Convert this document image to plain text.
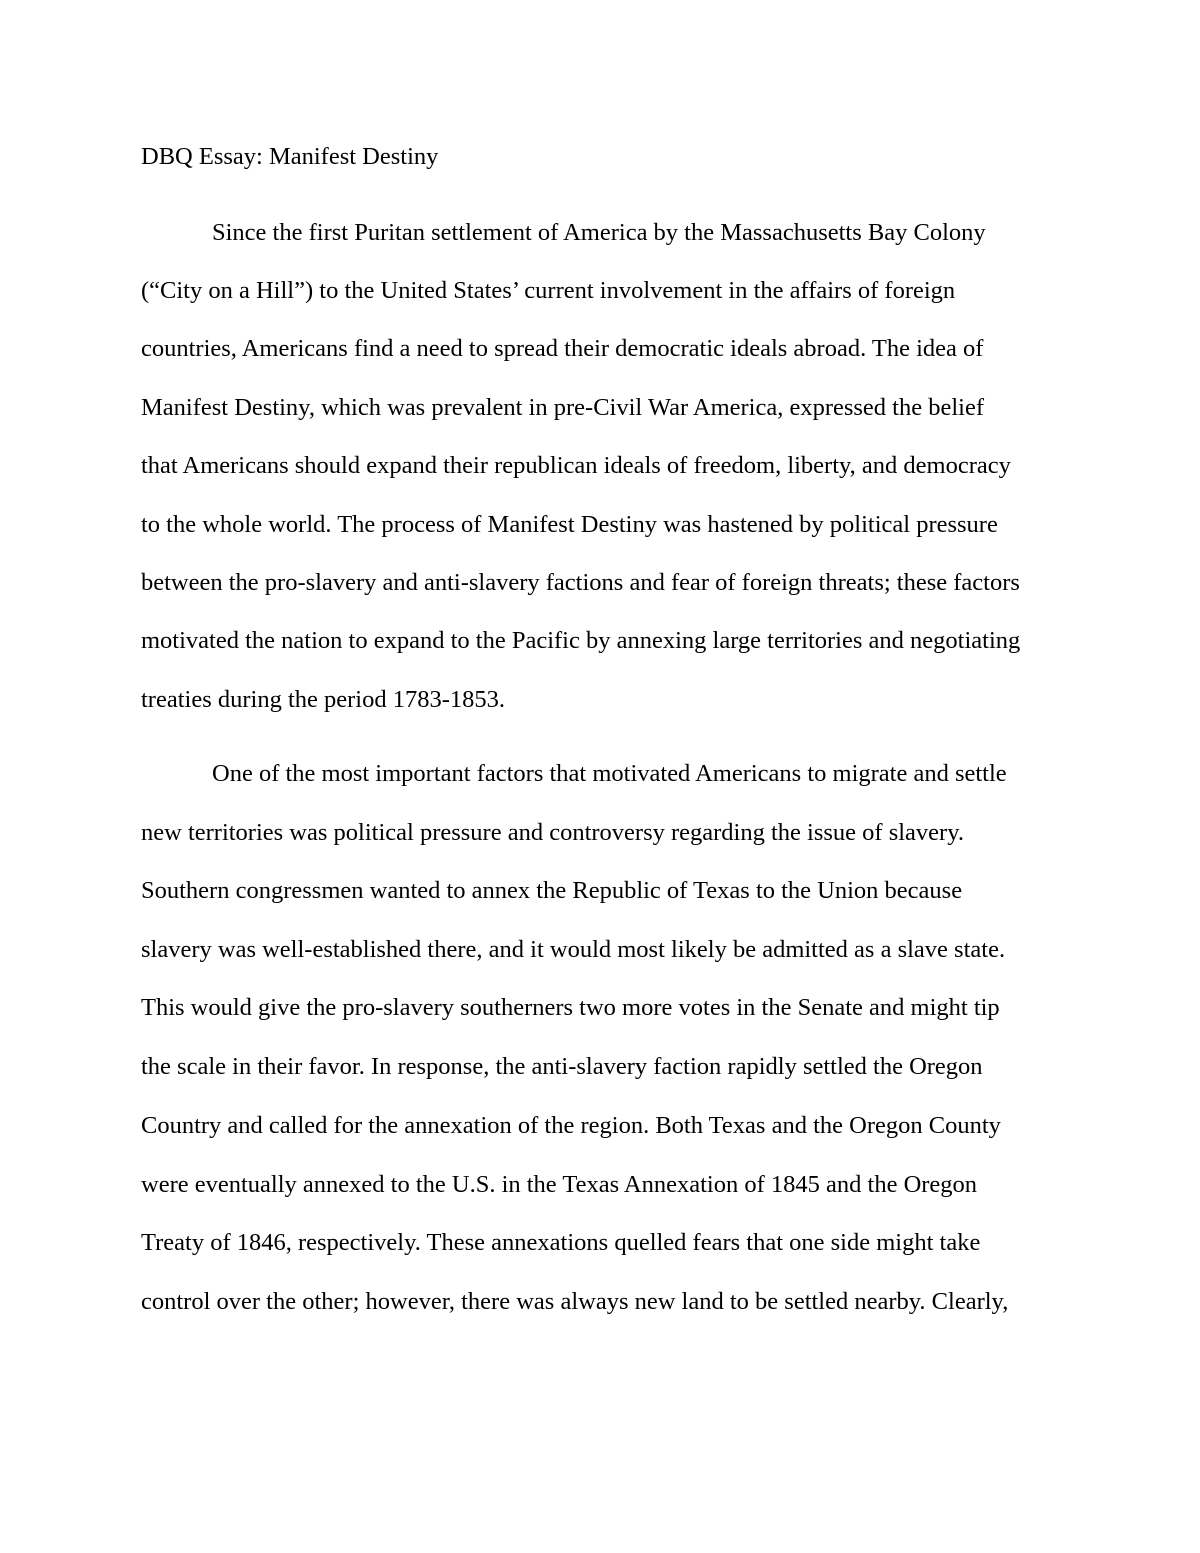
DBQ Essay: Manifest Destiny

Since the first Puritan settlement of America by the Massachusetts Bay Colony

(“City on a Hill”) to the United States’ current involvement in the affairs of foreign

countries, Americans find a need to spread their democratic ideals abroad. The idea of

Manifest Destiny, which was prevalent in pre-Civil War America, expressed the belief

that Americans should expand their republican ideals of freedom, liberty, and democracy

to the whole world. The process of Manifest Destiny was hastened by political pressure

between the pro-slavery and anti-slavery factions and fear of foreign threats; these factors

motivated the nation to expand to the Pacific by annexing large territories and negotiating

treaties during the period 1783-1853.

One of the most important factors that motivated Americans to migrate and settle

new territories was political pressure and controversy regarding the issue of slavery.

Southern congressmen wanted to annex the Republic of Texas to the Union because

slavery was well-established there, and it would most likely be admitted as a slave state.

This would give the pro-slavery southerners two more votes in the Senate and might tip

the scale in their favor. In response, the anti-slavery faction rapidly settled the Oregon

Country and called for the annexation of the region. Both Texas and the Oregon County

were eventually annexed to the U.S. in the Texas Annexation of 1845 and the Oregon

Treaty of 1846, respectively. These annexations quelled fears that one side might take

control over the other; however, there was always new land to be settled nearby. Clearly,
